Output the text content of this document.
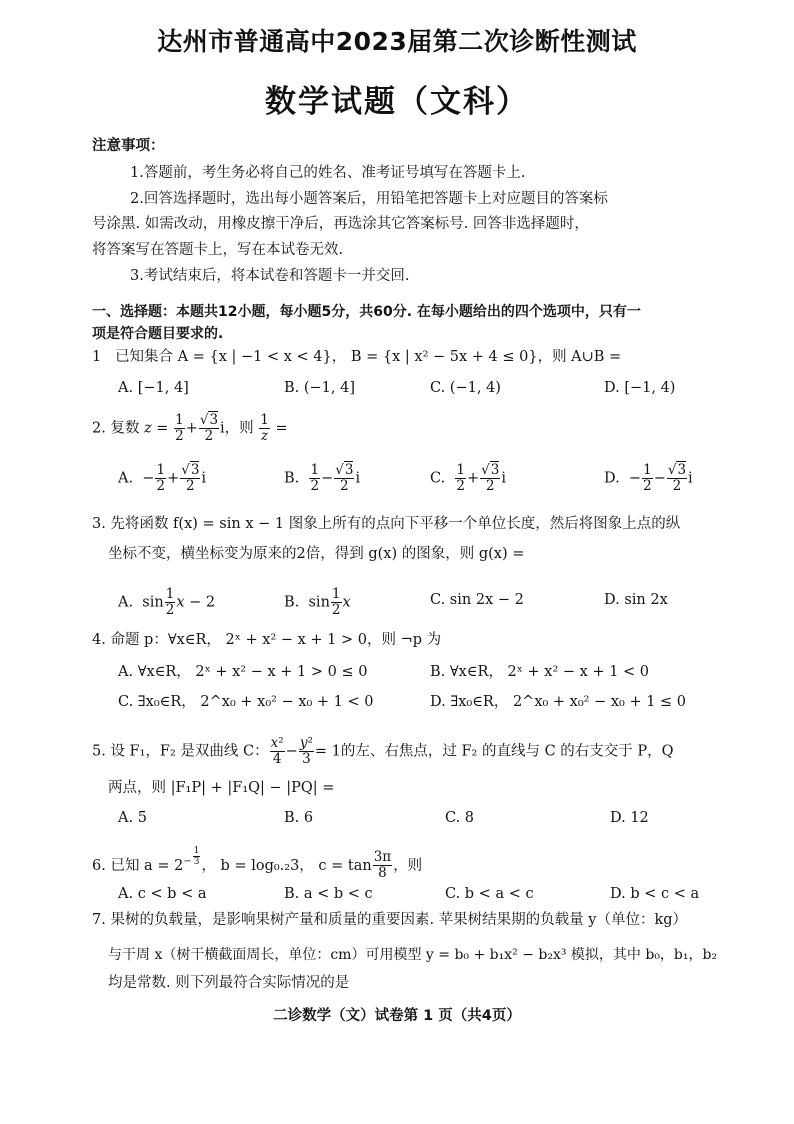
达州市普通高中2023届第二次诊断性测试
数学试题（文科）
注意事项：
1.答题前，考生务必将自己的姓名、准考证号填写在答题卡上.
2.回答选择题时，选出每小题答案后，用铅笔把答题卡上对应题目的答案标
号涂黑. 如需改动，用橡皮擦干净后，再选涂其它答案标号. 回答非选择题时，
将答案写在答题卡上，写在本试卷无效.
3.考试结束后，将本试卷和答题卡一并交回.
一、选择题：本题共12小题，每小题5分，共60分. 在每小题给出的四个选项中，只有一
项是符合题目要求的.
1 已知集合 A = {x | −1 < x < 4}， B = {x | x² − 5x + 4 ≤ 0}，则 A∪B =
A. [−1, 4]	B. (−1, 4]	C. (−1, 4)	D. [−1, 4)
2. 复数 $z = \frac{1}{2} + \frac{√3}{2}$ i，则 $\frac{1}{z}$ =
A.  − $\frac{1}{2} + \frac{√3}{2}$ i	B. $\frac{1}{2} - \frac{√3}{2}$ i	C. $\frac{1}{2} + \frac{√3}{2}$ i	D.  − $\frac{1}{2} - \frac{√3}{2}$ i
3. 先将函数 f(x) = sin x − 1 图象上所有的点向下平移一个单位长度，然后将图象上点的纵
坐标不变，横坐标变为原来的2倍，得到 g(x) 的图象，则 g(x) =
A.  $\sin \frac{1}{2}$ x − 2	B.  $\sin \frac{1}{2}$ x	C. sin 2x − 2	D. sin 2x
4. 命题 p：∀x∈R， 2ˣ + x² − x + 1 > 0，则 ¬p 为
A. ∀x∈R， 2ˣ + x² − x + 1 > 0 ≤ 0	B. ∀x∈R， 2ˣ + x² − x + 1 < 0
C. ∃x₀∈R， 2^x₀ + x₀² − x₀ + 1 < 0	D. ∃x₀∈R， 2^x₀ + x₀² − x₀ + 1 ≤ 0
5. 设 F₁，F₂ 是双曲线 C： $\frac{\text{x²}}{4} - \frac{\text{y²}}{3} = 1$的左、右焦点，过 F₂ 的直线与 C 的右支交于 P，Q
两点，则 |F₁P| + |F₁Q| − |PQ| =
A. 5	B. 6	C. 8	D. 12
6. 已知 $a = 2^{- \frac{1}{3}}$ ， b = log₀.₂3， $c = \tan \frac{3\pi}{8}$ ，则
A. c < b < a	B. a < b < c	C. b < a < c	D. b < c < a
7. 果树的负载量，是影响果树产量和质量的重要因素. 苹果树结果期的负载量 y（单位：kg）
与干周 x（树干横截面周长，单位：cm）可用模型 y = b₀ + b₁x² − b₂x³ 模拟，其中 b₀，b₁，b₂
均是常数. 则下列最符合实际情况的是
二诊数学（文）试卷第 1 页（共4页）
